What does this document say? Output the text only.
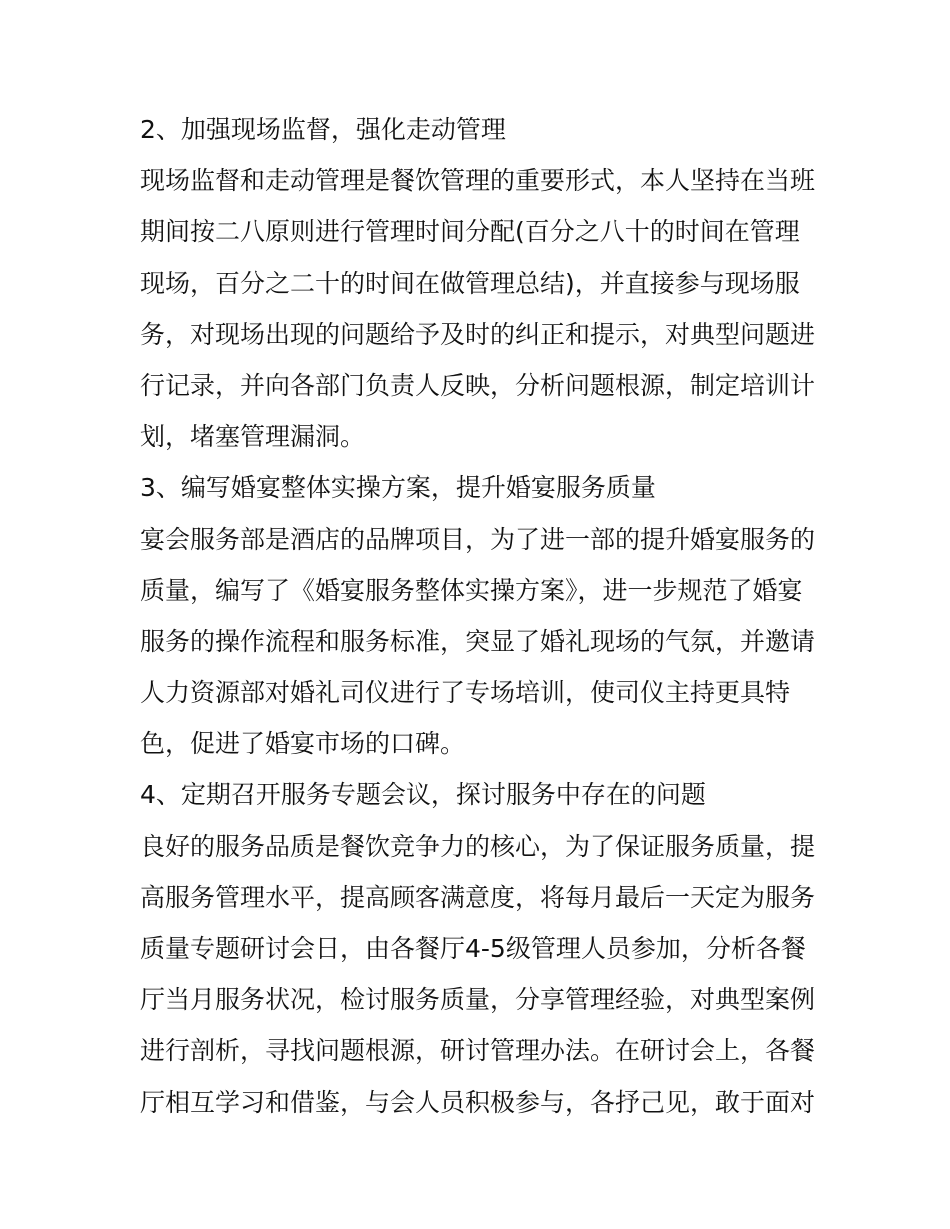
2、加强现场监督，强化走动管理
现场监督和走动管理是餐饮管理的重要形式，本人坚持在当班
期间按二八原则进行管理时间分配(百分之八十的时间在管理
现场，百分之二十的时间在做管理总结)，并直接参与现场服
务，对现场出现的问题给予及时的纠正和提示，对典型问题进
行记录，并向各部门负责人反映，分析问题根源，制定培训计
划，堵塞管理漏洞。
3、编写婚宴整体实操方案，提升婚宴服务质量
宴会服务部是酒店的品牌项目，为了进一部的提升婚宴服务的
质量，编写了《婚宴服务整体实操方案》，进一步规范了婚宴
服务的操作流程和服务标准，突显了婚礼现场的气氛，并邀请
人力资源部对婚礼司仪进行了专场培训，使司仪主持更具特
色，促进了婚宴市场的口碑。
4、定期召开服务专题会议，探讨服务中存在的问题
良好的服务品质是餐饮竞争力的核心，为了保证服务质量，提
高服务管理水平，提高顾客满意度，将每月最后一天定为服务
质量专题研讨会日，由各餐厅4-5级管理人员参加，分析各餐
厅当月服务状况，检讨服务质量，分享管理经验，对典型案例
进行剖析，寻找问题根源，研讨管理办法。在研讨会上，各餐
厅相互学习和借鉴，与会人员积极参与，各抒己见，敢于面对
